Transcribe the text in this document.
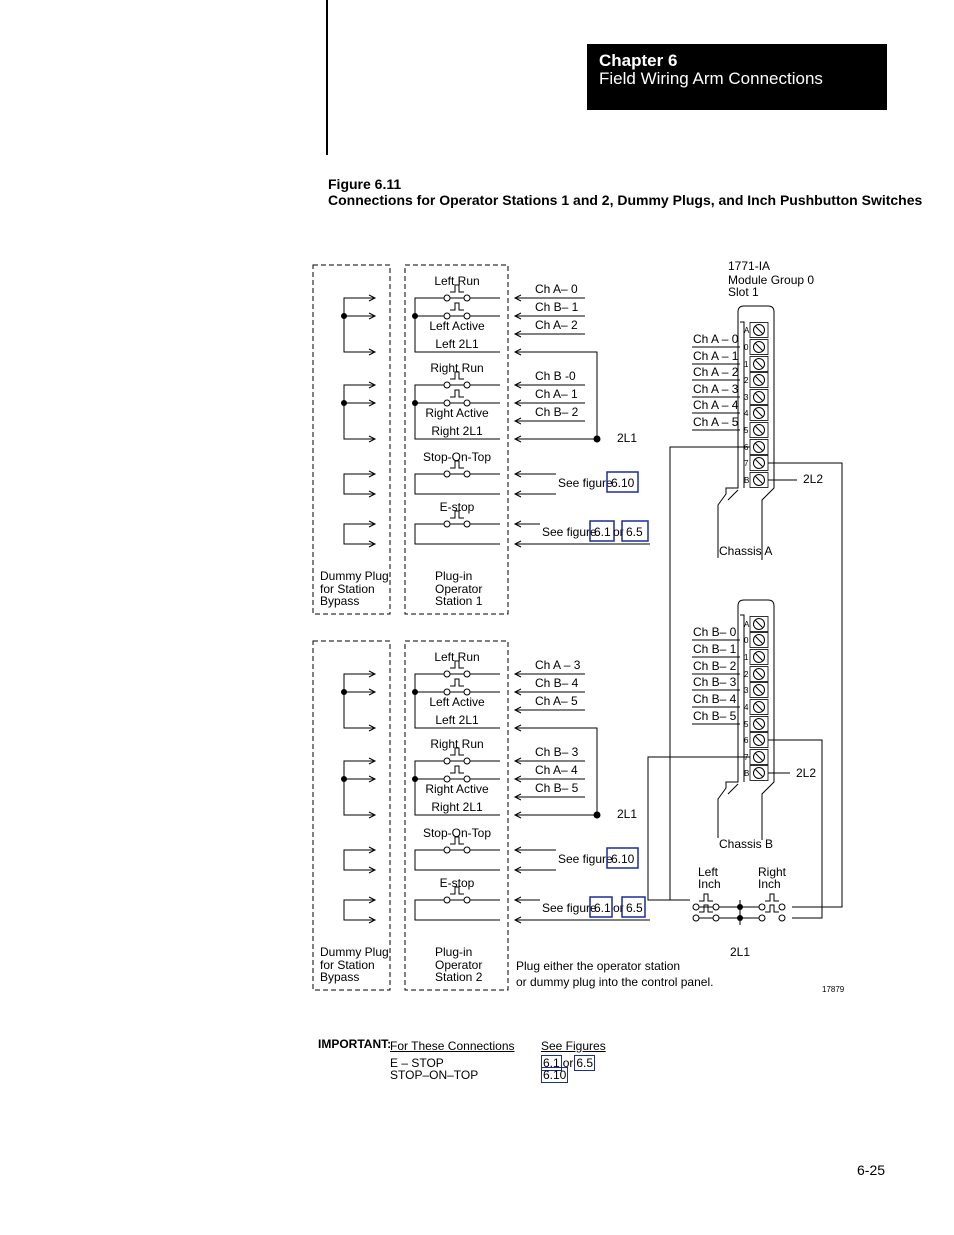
Chapter 6
Field Wiring Arm Connections
Figure 6.11
Connections for Operator Stations 1 and 2, Dummy Plugs, and Inch Pushbutton Switches
Left Run
Left Active
Left 2L1
Right Run
Right Active
Right 2L1
Stop-On-Top
E-stop
Plug-in
Operator
Station 1
Dummy Plug
for Station
Bypass
Ch A– 0
Ch B– 1
Ch A– 2
Ch B -0
Ch A– 1
Ch B– 2
2L1
See figure
6.10
See figure
6.1 or 6.5
Left Run
Left Active
Left 2L1
Right Run
Right Active
Right 2L1
Stop-On-Top
E-stop
Plug-in
Operator
Station 2
Dummy Plug
for Station
Bypass
Ch A – 3
Ch B– 4
Ch A– 5
Ch B– 3
Ch A– 4
Ch B– 5
2L1
See figure
6.10
See figure
6.1 or 6.5
1771-IA
Module Group 0
Slot 1
Ch A – 0
Ch A – 1
Ch A – 2
Ch A – 3
Ch A – 4
Ch A – 5
2L2
Chassis A
A
0
1
2
3
4
5
6
7
B
Ch B– 0
Ch B– 1
Ch B– 2
Ch B– 3
Ch B– 4
Ch B– 5
2L2
Chassis B
A
0
1
2
3
4
5
6
7
B
Left
Inch
Right
Inch
2L1
Plug either the operator station
or dummy plug into the control panel.
17879
IMPORTANT:
For These Connections See Figures
E – STOP
STOP–ON–TOP
6.1 or 6.5
6.10
6-25
